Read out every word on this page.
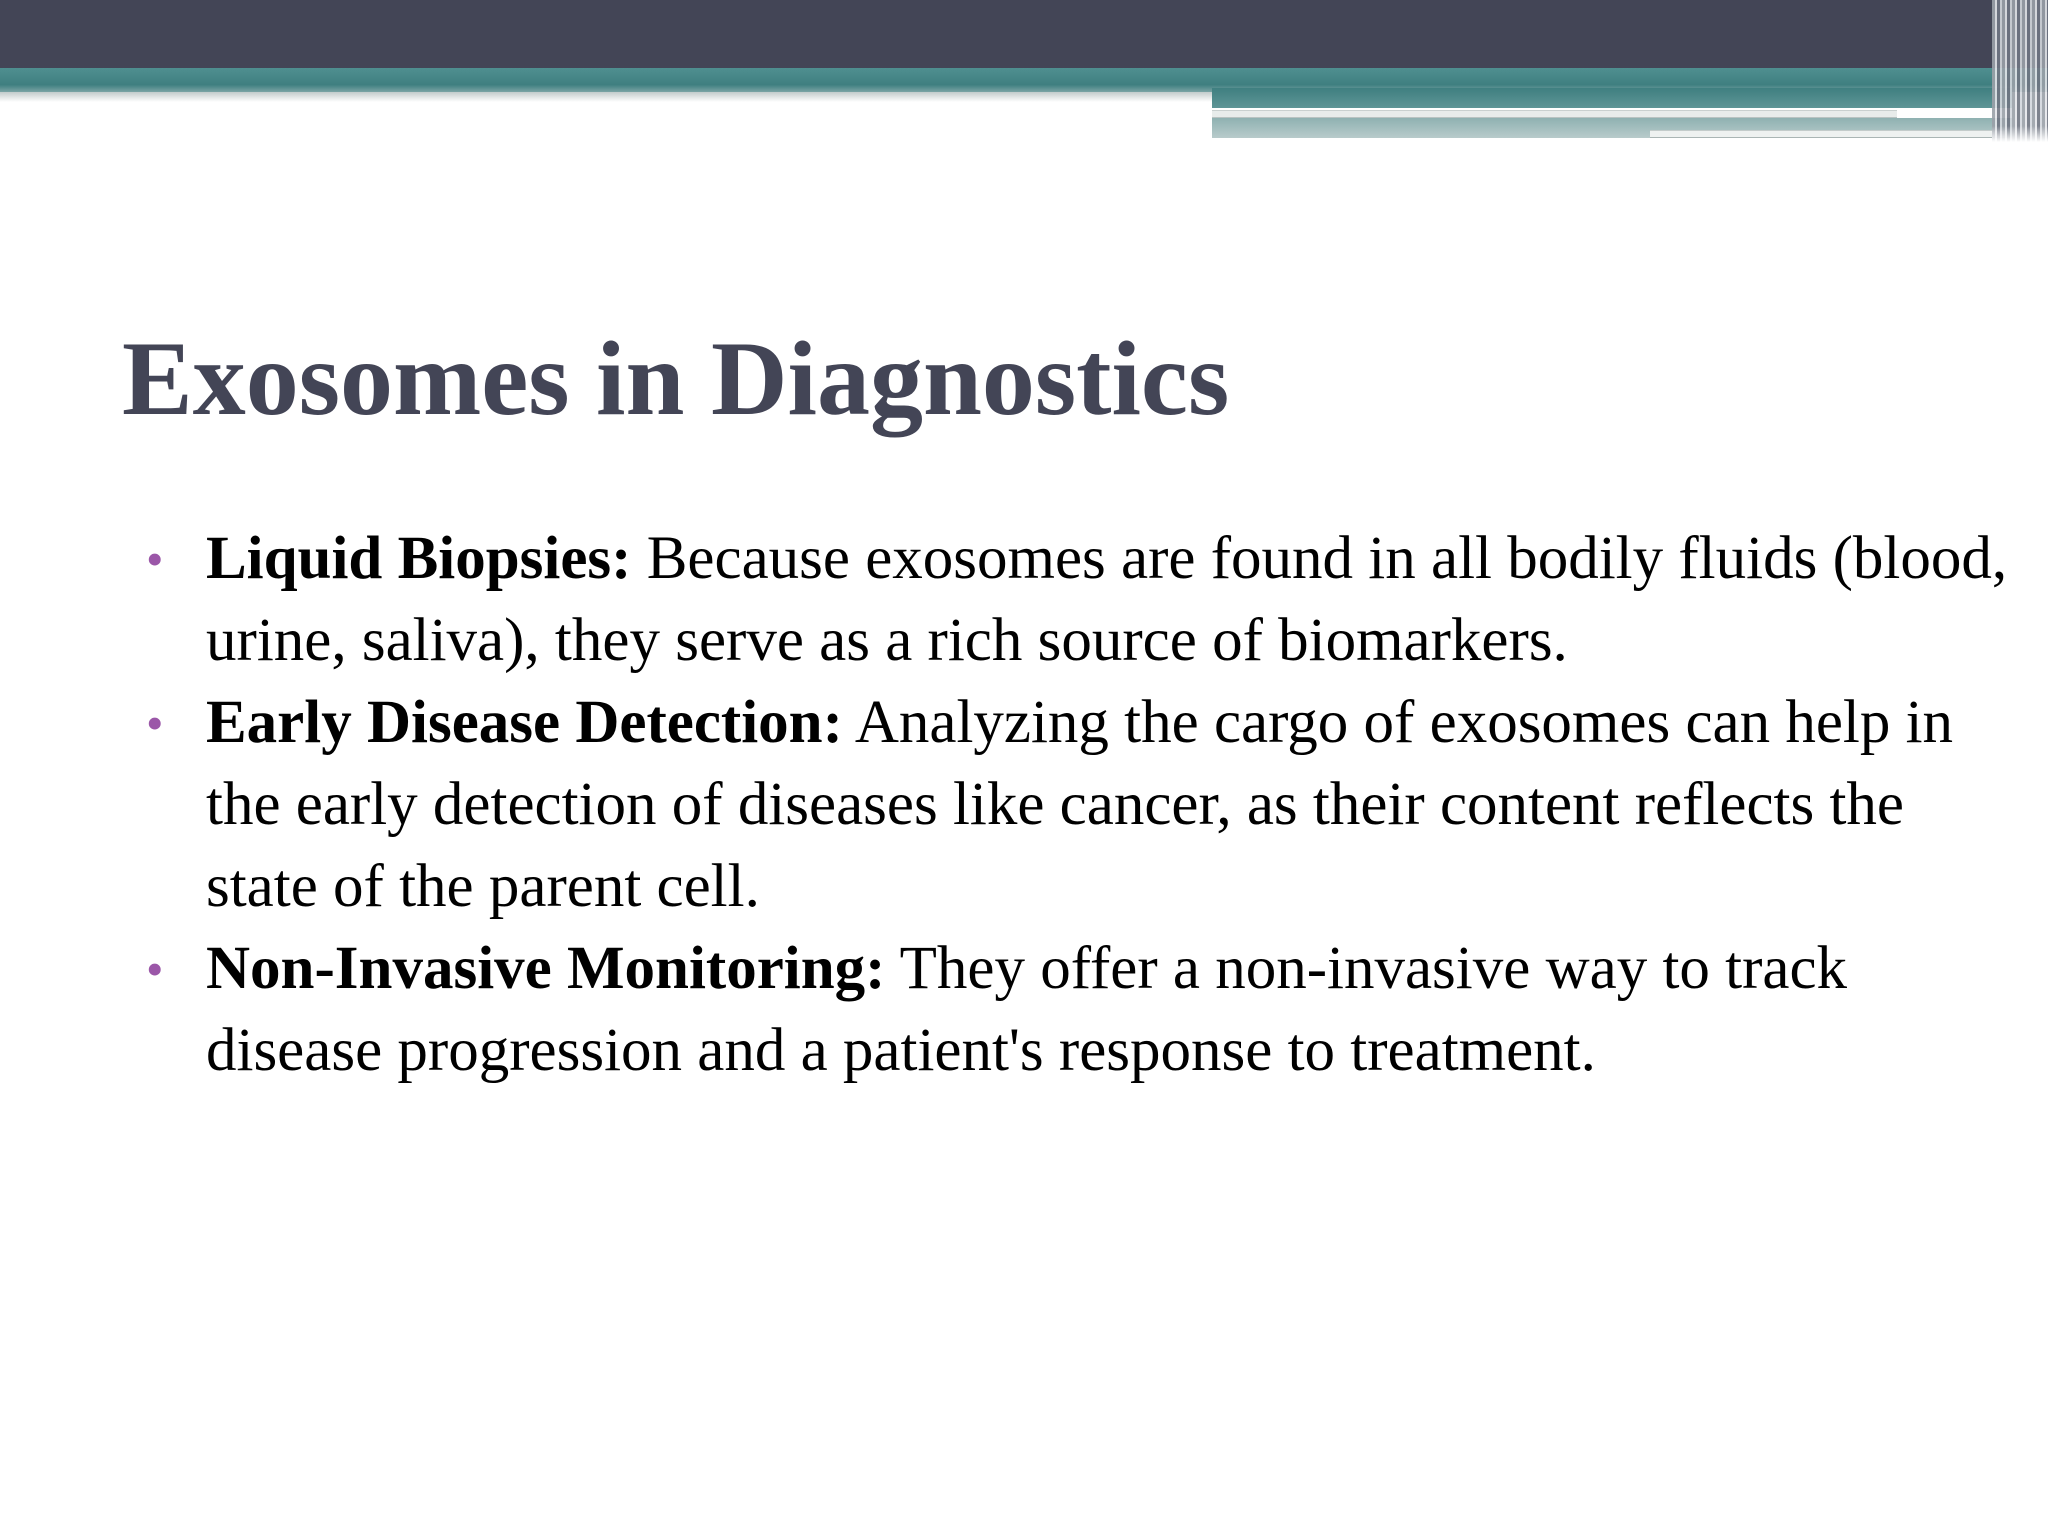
Exosomes in Diagnostics
• Liquid Biopsies: Because exosomes are found in all bodily fluids (blood, urine, saliva), they serve as a rich source of biomarkers.
• Early Disease Detection: Analyzing the cargo of exosomes can help in the early detection of diseases like cancer, as their content reflects the state of the parent cell.
• Non-Invasive Monitoring: They offer a non-invasive way to track disease progression and a patient's response to treatment.
